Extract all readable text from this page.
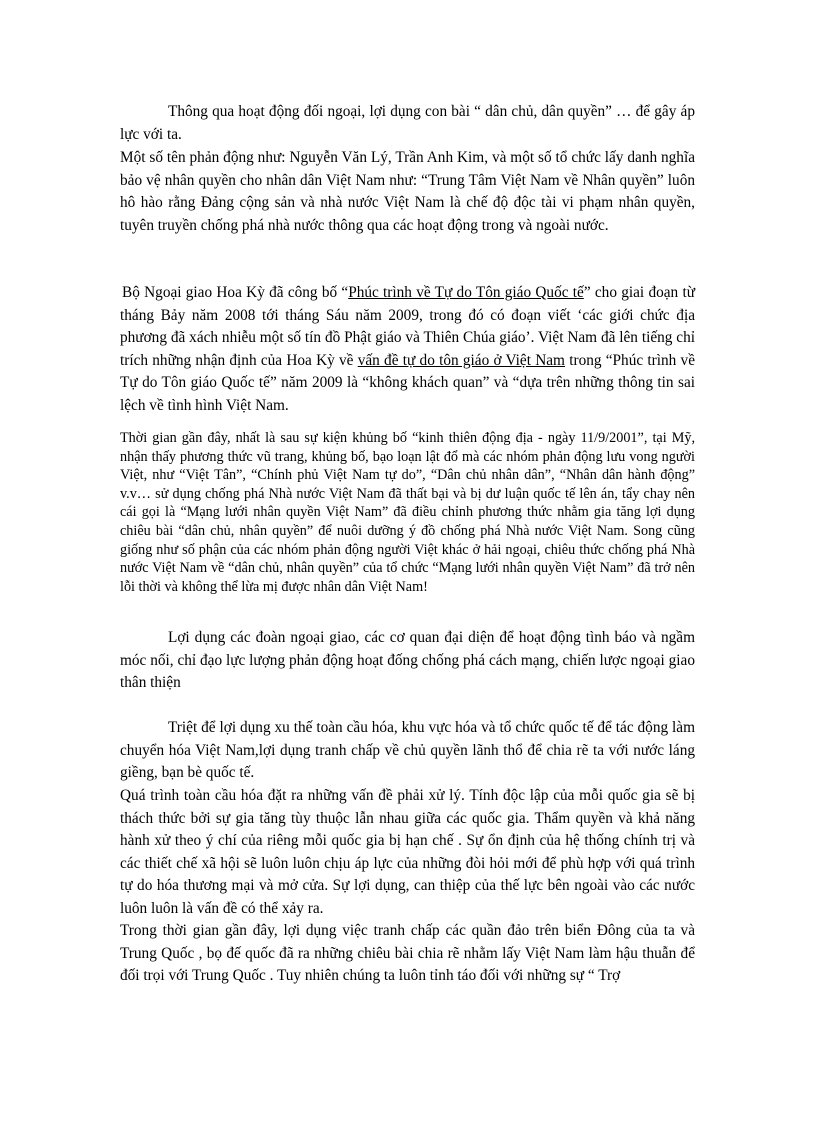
Thông qua hoạt động đối ngoại, lợi dụng con bài “ dân chủ, dân quyền” … để gây áp lực với ta.

Một số tên phản động như: Nguyễn Văn Lý, Trần Anh Kim, và một số tổ chức lấy danh nghĩa bảo vệ nhân quyền cho nhân dân Việt Nam như: “Trung Tâm Việt Nam về Nhân quyền” luôn hô hào rằng Đảng cộng sản và nhà nước Việt Nam là chế độ độc tài vi phạm nhân quyền, tuyên truyền chống phá nhà nước thông qua các hoạt động trong và ngoài nước.

Bộ Ngoại giao Hoa Kỳ đã công bố “Phúc trình về Tự do Tôn giáo Quốc tế” cho giai đoạn từ tháng Bảy năm 2008 tới tháng Sáu năm 2009, trong đó có đoạn viết ‘các giới chức địa phương đã xách nhiễu một số tín đồ Phật giáo và Thiên Chúa giáo’. Việt Nam đã lên tiếng chỉ trích những nhận định của Hoa Kỳ về vấn đề tự do tôn giáo ở Việt Nam trong “Phúc trình về Tự do Tôn giáo Quốc tế” năm 2009 là “không khách quan” và “dựa trên những thông tin sai lệch về tình hình Việt Nam.

Thời gian gần đây, nhất là sau sự kiện khủng bố “kinh thiên động địa - ngày 11/9/2001”, tại Mỹ, nhận thấy phương thức vũ trang, khủng bố, bạo loạn lật đổ mà các nhóm phản động lưu vong người Việt, như “Việt Tân”, “Chính phủ Việt Nam tự do”, “Dân chủ nhân dân”, “Nhân dân hành động” v.v… sử dụng chống phá Nhà nước Việt Nam đã thất bại và bị dư luận quốc tế lên án, tẩy chay nên cái gọi là “Mạng lưới nhân quyền Việt Nam” đã điều chỉnh phương thức nhằm gia tăng lợi dụng chiêu bài “dân chủ, nhân quyền” để nuôi dưỡng ý đồ chống phá Nhà nước Việt Nam. Song cũng giống như số phận của các nhóm phản động người Việt khác ở hải ngoại, chiêu thức chống phá Nhà nước Việt Nam về “dân chủ, nhân quyền” của tổ chức “Mạng lưới nhân quyền Việt Nam” đã trở nên lỗi thời và không thể lừa mị được nhân dân Việt Nam!

Lợi dụng các đoàn ngoại giao, các cơ quan đại diện để hoạt động tình báo và ngầm móc nối, chỉ đạo lực lượng phản động hoạt đống chống phá cách mạng, chiến lược ngoại giao thân thiện

Triệt để lợi dụng xu thế toàn cầu hóa, khu vực hóa và tổ chức quốc tế để tác động làm chuyển hóa Việt Nam,lợi dụng tranh chấp về chủ quyền lãnh thổ để chia rẽ ta với nước láng giềng, bạn bè quốc tế.

Quá trình toàn cầu hóa đặt ra những vấn đề phải xử lý. Tính độc lập của mỗi quốc gia sẽ bị thách thức bởi sự gia tăng tùy thuộc lẫn nhau giữa các quốc gia. Thẩm quyền và khả năng hành xử theo ý chí của riêng mỗi quốc gia bị hạn chế . Sự ổn định của hệ thống chính trị và các thiết chế xã hội sẽ luôn luôn chịu áp lực của những đòi hỏi mới để phù hợp với quá trình tự do hóa thương mại và mở cửa. Sự lợi dụng, can thiệp của thế lực bên ngoài vào các nước luôn luôn là vấn đề có thể xảy ra.

Trong thời gian gần đây, lợi dụng việc tranh chấp các quần đảo trên biển Đông của ta và Trung Quốc , bọ đế quốc đã ra những chiêu bài chia rẽ nhằm lấy Việt Nam làm hậu thuẫn để đối trọi với Trung Quốc . Tuy nhiên chúng ta luôn tỉnh táo đối với những sự “ Trợ
